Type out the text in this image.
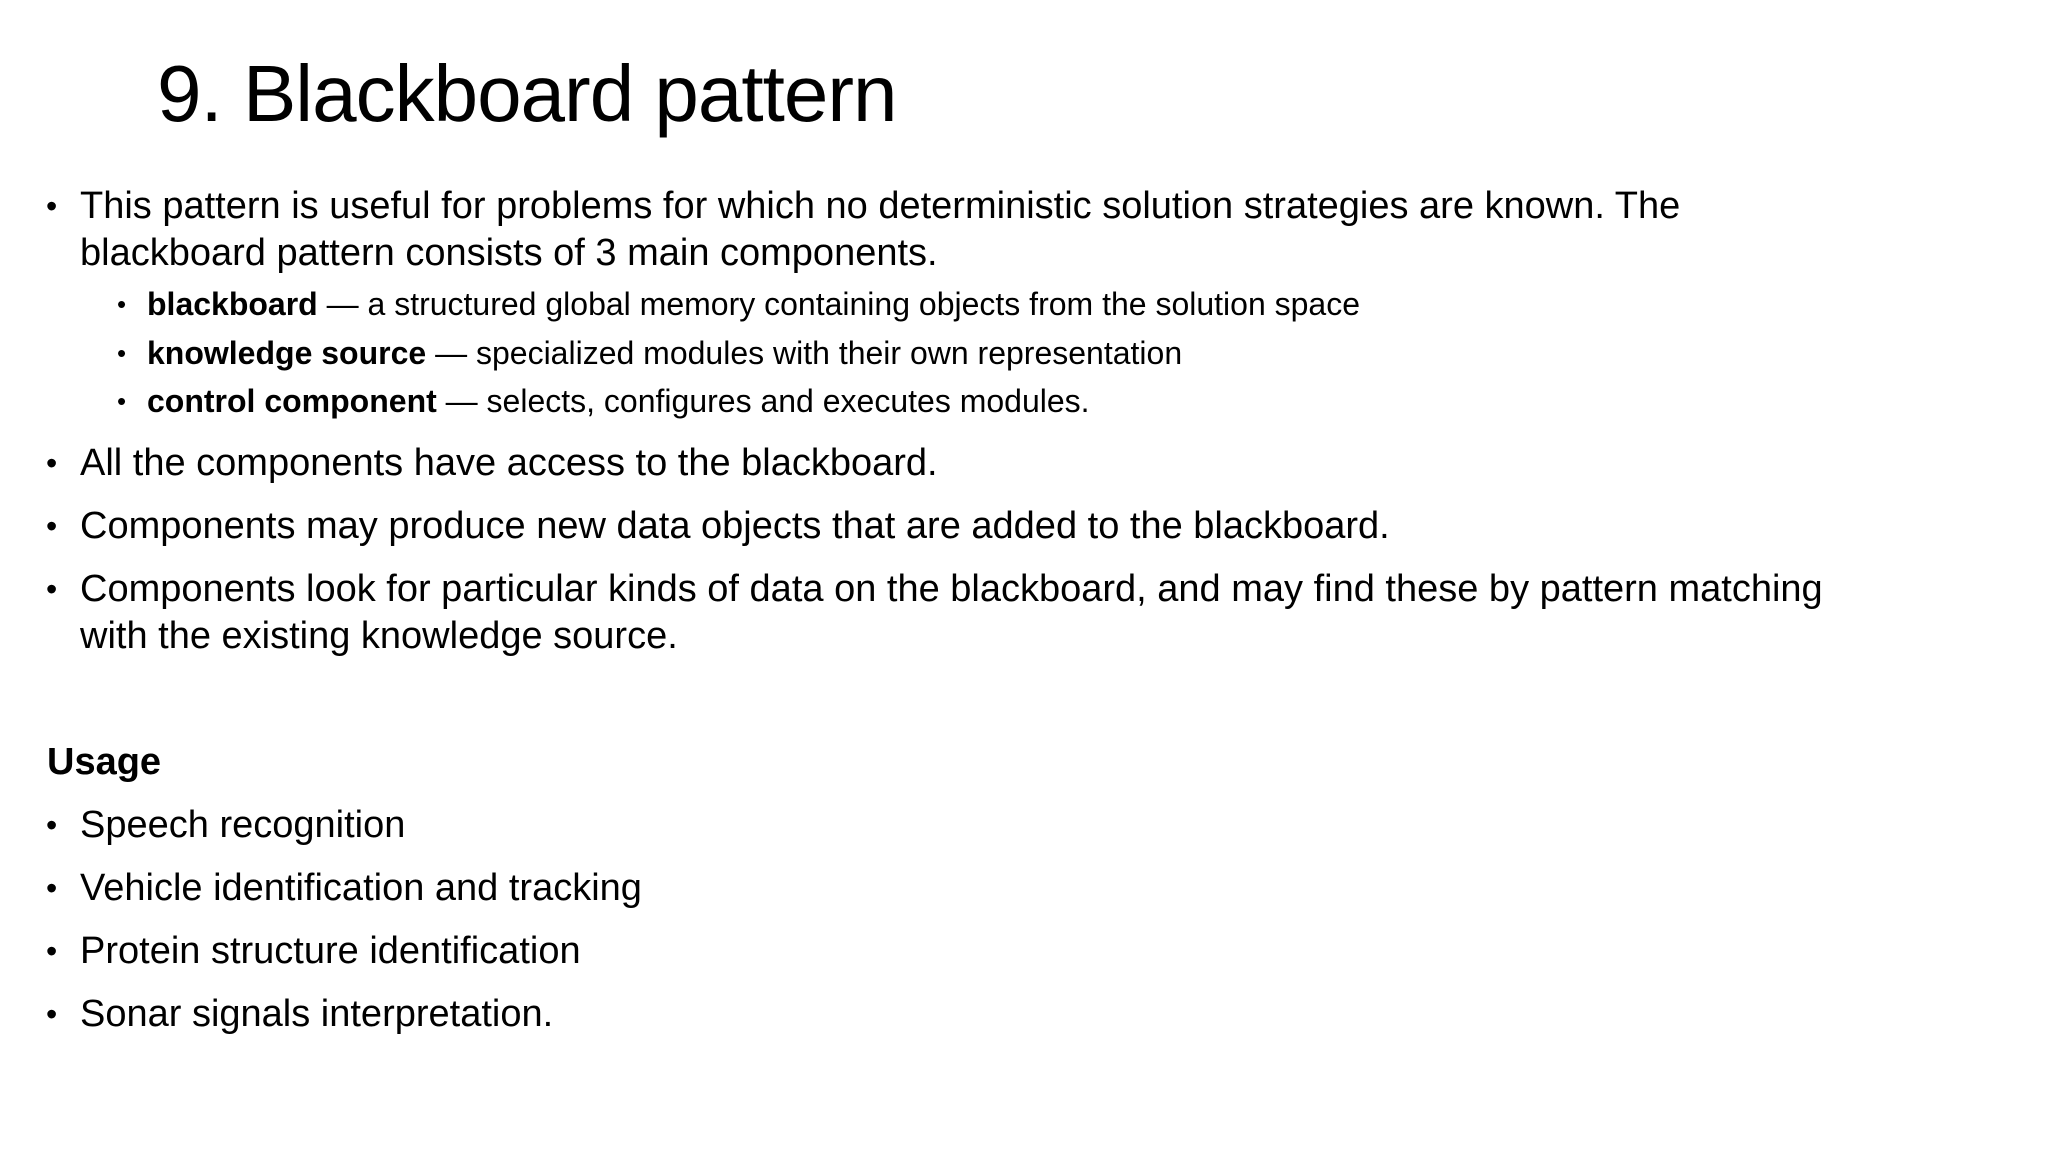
9. Blackboard pattern
• This pattern is useful for problems for which no deterministic solution strategies are known. The blackboard pattern consists of 3 main components.
• blackboard — a structured global memory containing objects from the solution space
• knowledge source — specialized modules with their own representation
• control component — selects, configures and executes modules.
• All the components have access to the blackboard.
• Components may produce new data objects that are added to the blackboard.
• Components look for particular kinds of data on the blackboard, and may find these by pattern matching with the existing knowledge source.
Usage
• Speech recognition
• Vehicle identification and tracking
• Protein structure identification
• Sonar signals interpretation.
